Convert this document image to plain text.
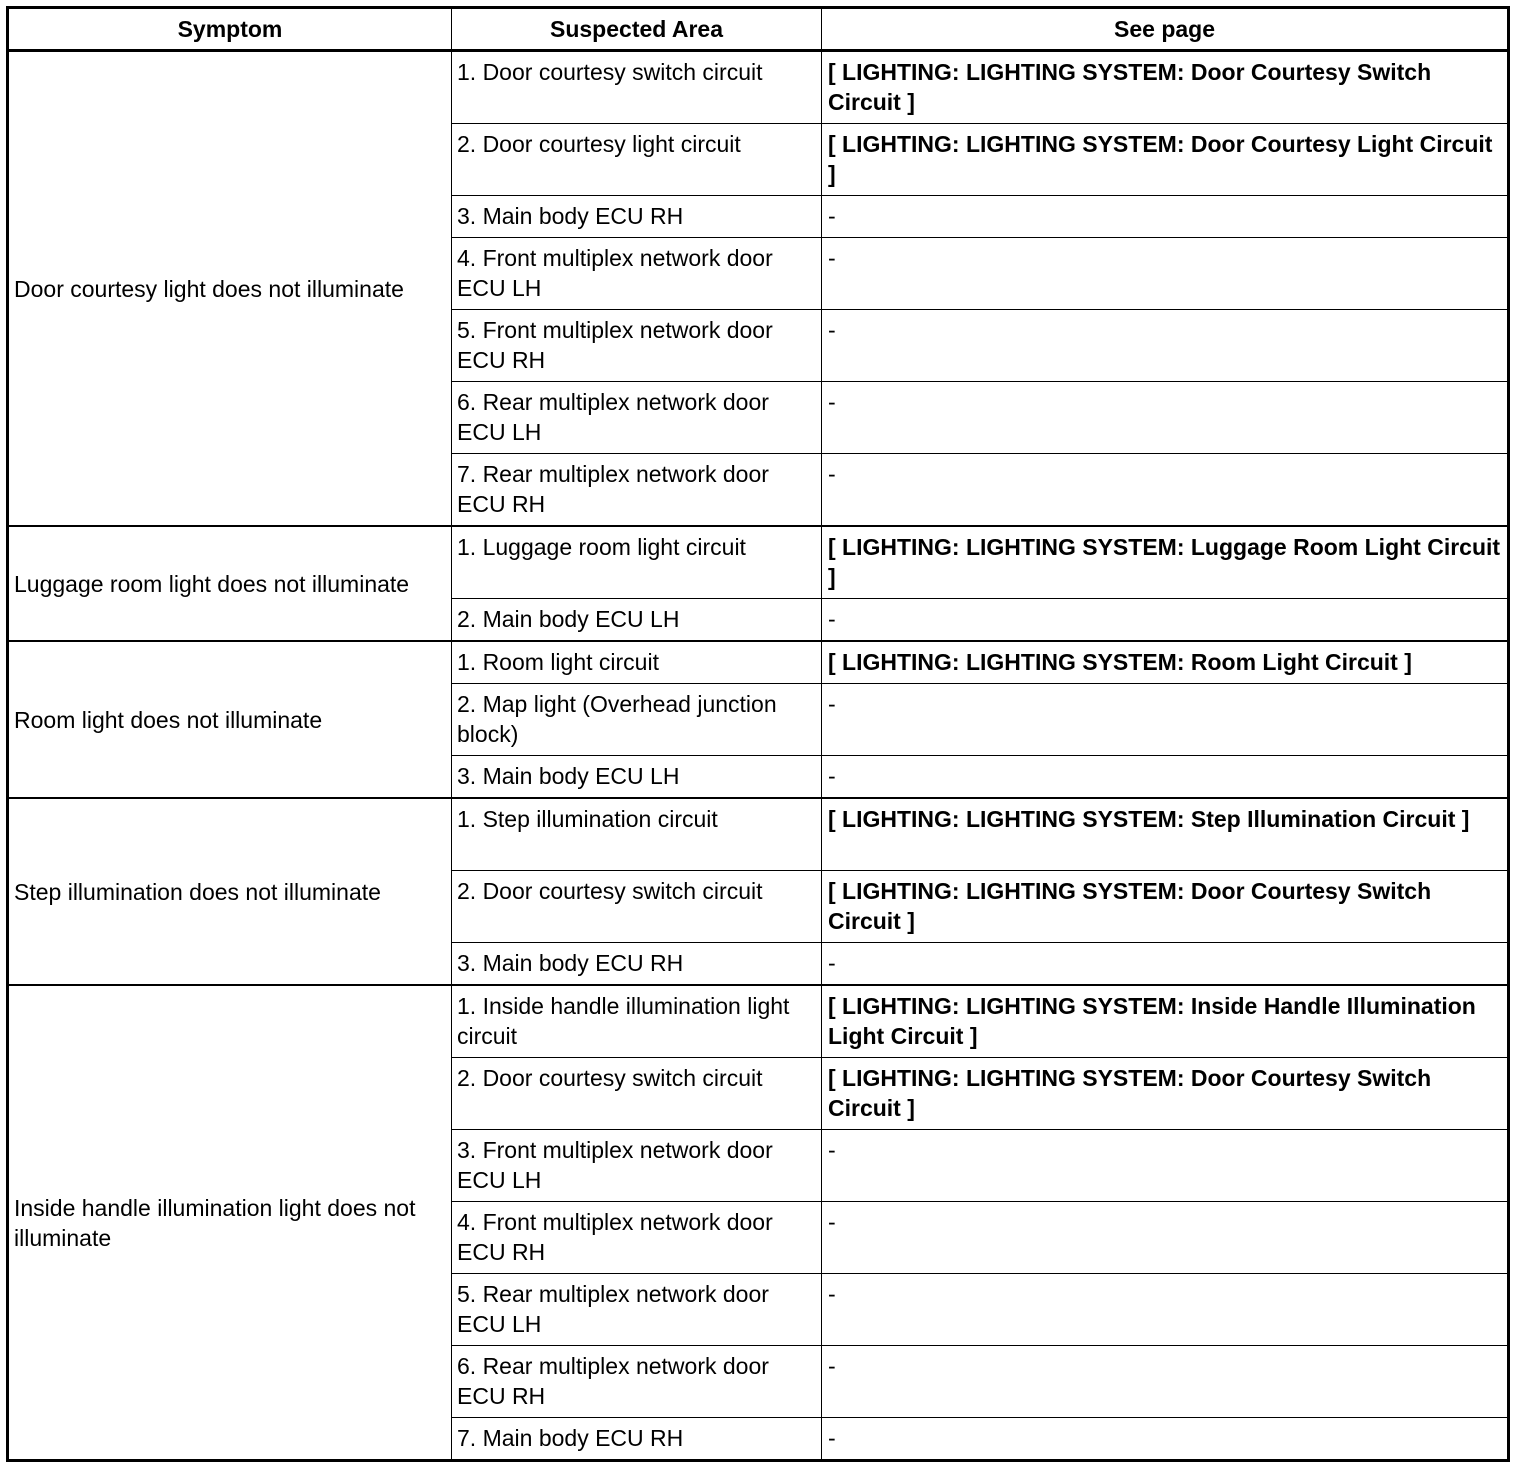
Symptom	Suspected Area	See page
Door courtesy light does not illuminate	1. Door courtesy switch circuit	[ LIGHTING: LIGHTING SYSTEM: Door Courtesy Switch Circuit ]
	2. Door courtesy light circuit	[ LIGHTING: LIGHTING SYSTEM: Door Courtesy Light Circuit ]
	3. Main body ECU RH	-
	4. Front multiplex network door ECU LH	-
	5. Front multiplex network door ECU RH	-
	6. Rear multiplex network door ECU LH	-
	7. Rear multiplex network door ECU RH	-
Luggage room light does not illuminate	1. Luggage room light circuit	[ LIGHTING: LIGHTING SYSTEM: Luggage Room Light Circuit ]
	2. Main body ECU LH	-
Room light does not illuminate	1. Room light circuit	[ LIGHTING: LIGHTING SYSTEM: Room Light Circuit ]
	2. Map light (Overhead junction block)	-
	3. Main body ECU LH	-
Step illumination does not illuminate	1. Step illumination circuit	[ LIGHTING: LIGHTING SYSTEM: Step Illumination Circuit ]
	2. Door courtesy switch circuit	[ LIGHTING: LIGHTING SYSTEM: Door Courtesy Switch Circuit ]
	3. Main body ECU RH	-
Inside handle illumination light does not illuminate	1. Inside handle illumination light circuit	[ LIGHTING: LIGHTING SYSTEM: Inside Handle Illumination Light Circuit ]
	2. Door courtesy switch circuit	[ LIGHTING: LIGHTING SYSTEM: Door Courtesy Switch Circuit ]
	3. Front multiplex network door ECU LH	-
	4. Front multiplex network door ECU RH	-
	5. Rear multiplex network door ECU LH	-
	6. Rear multiplex network door ECU RH	-
	7. Main body ECU RH	-
